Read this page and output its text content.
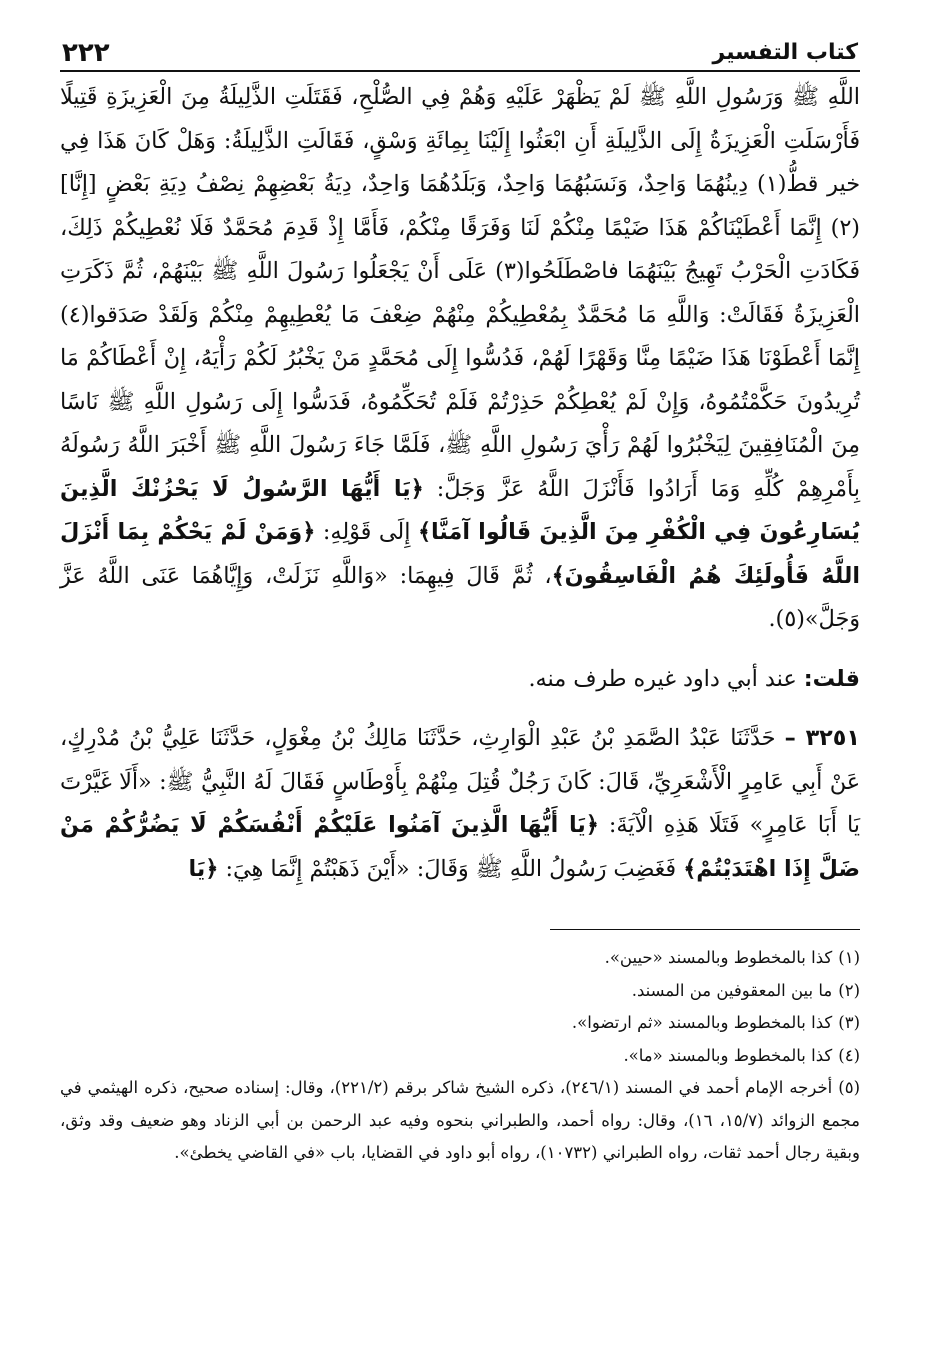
كتاب التفسير
٢٢٢

اللَّهِ ﷺ وَرَسُولِ اللَّهِ ﷺ لَمْ يَظْهَرْ عَلَيْهِ وَهُمْ فِي الصُّلْحِ، فَقَتَلَتِ الذَّلِيلَةُ مِنَ الْعَزِيزَةِ قَتِيلًا فَأَرْسَلَتِ الْعَزِيزَةُ إِلَى الذَّلِيلَةِ أَنِ ابْعَثُوا إِلَيْنَا بِمِائَةِ وَسْقٍ، فَقَالَتِ الذَّلِيلَةُ: وَهَلْ كَانَ هَذَا فِي خير قطُّ(١) دِينُهُمَا وَاحِدٌ، وَنَسَبُهُمَا وَاحِدٌ، وَبَلَدُهُمَا وَاحِدٌ، دِيَةُ بَعْضِهِمْ نِصْفُ دِيَةِ بَعْضٍ [إِنَّا](٢) إِنَّمَا أَعْطَيْنَاكُمْ هَذَا ضَيْمًا مِنْكُمْ لَنَا وَفَرَقًا مِنْكُمْ، فَأَمَّا إِذْ قَدِمَ مُحَمَّدٌ فَلَا نُعْطِيكُمْ ذَلِكَ، فَكَادَتِ الْحَرْبُ تَهِيجُ بَيْنَهُمَا فاصْطَلَحُوا(٣) عَلَى أَنْ يَجْعَلُوا رَسُولَ اللَّهِ ﷺ بَيْنَهُمْ، ثُمَّ ذَكَرَتِ الْعَزِيزَةُ فَقَالَتْ: وَاللَّهِ مَا مُحَمَّدٌ بِمُعْطِيكُمْ مِنْهُمْ ضِعْفَ مَا يُعْطِيهِمْ مِنْكُمْ وَلَقَدْ صَدَقوا(٤) إِنَّمَا أَعْطَوْنَا هَذَا ضَيْمًا مِنَّا وَقَهْرًا لَهُمْ، فَدُسُّوا إِلَى مُحَمَّدٍ مَنْ يَخْبُرُ لَكُمْ رَأْيَهُ، إِنْ أَعْطَاكُمْ مَا تُرِيدُونَ حَكَّمْتُمُوهُ، وَإِنْ لَمْ يُعْطِكُمْ حَذِرْتُمْ فَلَمْ تُحَكِّمُوهُ، فَدَسُّوا إِلَى رَسُولِ اللَّهِ ﷺ نَاسًا مِنَ الْمُنَافِقِينَ لِيَخْبُرُوا لَهُمْ رَأْيَ رَسُولِ اللَّهِ ﷺ، فَلَمَّا جَاءَ رَسُولَ اللَّهِ ﷺ أَخْبَرَ اللَّهُ رَسُولَهُ بِأَمْرِهِمْ كُلِّهِ وَمَا أَرَادُوا فَأَنْزَلَ اللَّهُ عَزَّ وَجَلَّ: ﴿يَا أَيُّهَا الرَّسُولُ لَا يَحْزُنْكَ الَّذِينَ يُسَارِعُونَ فِي الْكُفْرِ مِنَ الَّذِينَ قَالُوا آمَنَّا﴾ إِلَى قَوْلِهِ: ﴿وَمَنْ لَمْ يَحْكُمْ بِمَا أَنْزَلَ اللَّهُ فَأُولَئِكَ هُمُ الْفَاسِقُونَ﴾، ثُمَّ قَالَ فِيهِمَا: «وَاللَّهِ نَزَلَتْ، وَإِيَّاهُمَا عَنَى اللَّهُ عَزَّ وَجَلَّ»(٥).

قلت: عند أبي داود غيره طرف منه.

٣٢٥١ – حَدَّثَنَا عَبْدُ الصَّمَدِ بْنُ عَبْدِ الْوَارِثِ، حَدَّثَنَا مَالِكُ بْنُ مِغْوَلٍ، حَدَّثَنَا عَلِيُّ بْنُ مُدْرِكٍ، عَنْ أَبِي عَامِرٍ الْأَشْعَرِيِّ، قَالَ: كَانَ رَجُلٌ قُتِلَ مِنْهُمْ بِأَوْطَاسٍ فَقَالَ لَهُ النَّبِيُّ ﷺ: «أَلَا غَيَّرْتَ يَا أَبَا عَامِرٍ» فَتَلَا هَذِهِ الْآيَةَ: ﴿يَا أَيُّهَا الَّذِينَ آمَنُوا عَلَيْكُمْ أَنْفُسَكُمْ لَا يَضُرُّكُمْ مَنْ ضَلَّ إِذَا اهْتَدَيْتُمْ﴾ فَغَضِبَ رَسُولُ اللَّهِ ﷺ وَقَالَ: «أَيْنَ ذَهَبْتُمْ إِنَّمَا هِيَ: ﴿يَا

(١)كذا بالمخطوط وبالمسند «حيين».

(٢)ما بين المعقوفين من المسند.

(٣)كذا بالمخطوط وبالمسند «ثم ارتضوا».

(٤)كذا بالمخطوط وبالمسند «ما».

(٥)أخرجه الإمام أحمد في المسند (٢٤٦/١)، ذكره الشيخ شاكر برقم (٢٢١/٢)، وقال: إسناده صحيح، ذكره الهيثمي في مجمع الزوائد (١٥/٧، ١٦)، وقال: رواه أحمد، والطبراني بنحوه وفيه عبد الرحمن بن أبي الزناد وهو ضعيف وقد وثق، وبقية رجال أحمد ثقات، رواه الطبراني (١٠٧٣٢)، رواه أبو داود في القضايا، باب «في القاضي يخطئ».
